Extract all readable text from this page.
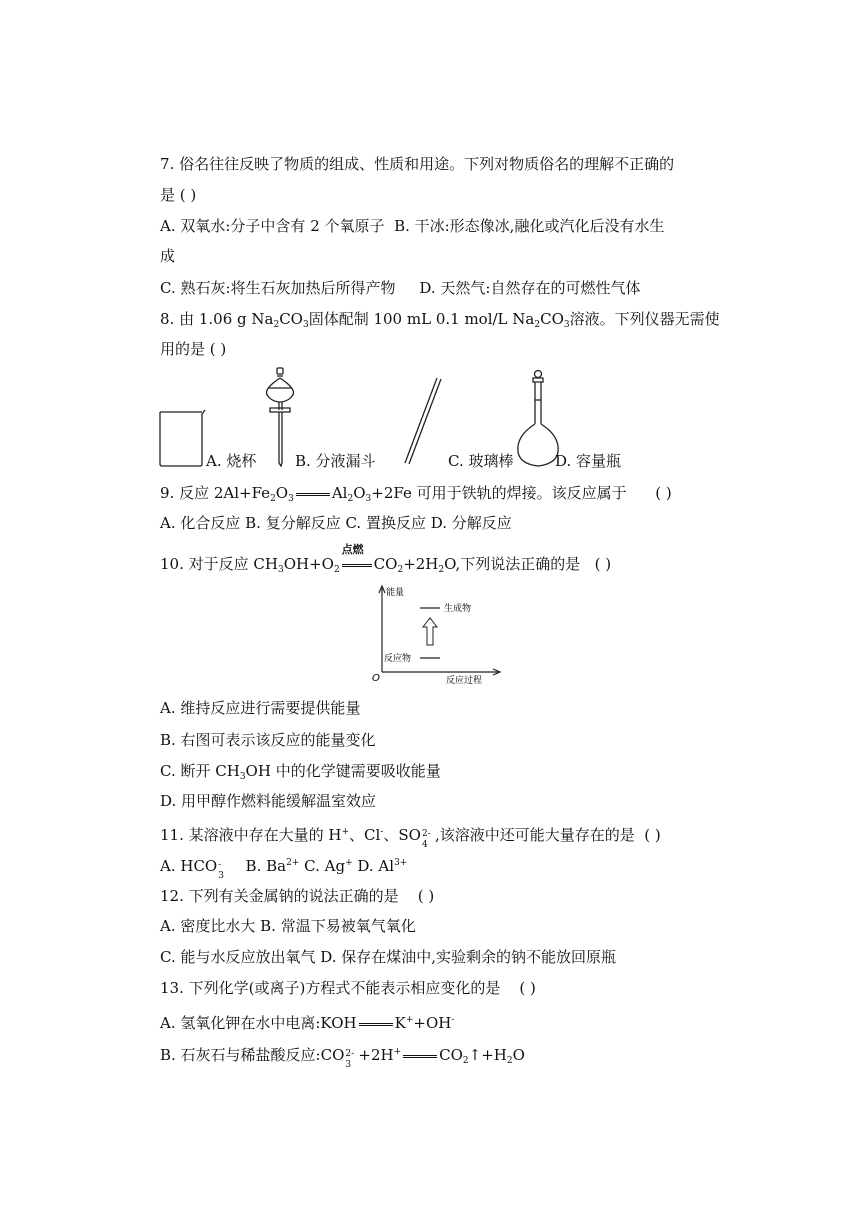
7. 俗名往往反映了物质的组成、性质和用途。下列对物质俗名的理解不正确的
是 ( )
A. 双氧水:分子中含有 2 个氧原子 B. 干冰:形态像冰,融化或汽化后没有水生
成
C. 熟石灰:将生石灰加热后所得产物 D. 天然气:自然存在的可燃性气体
8. 由 1.06 g $Na_2CO_3$固体配制 100 mL 0.1 mol/L $Na_2CO_3$溶液。下列仪器无需使
用的是 ( )
A. 烧杯	B. 分液漏斗	C. 玻璃棒	D. 容量瓶
9. 反应 $2Al+Fe_2O_3$	$Al_2O_3+2Fe$ 可用于铁轨的焊接。该反应属于 ( )
A. 化合反应 B. 复分解反应 C. 置换反应 D. 分解反应
10. 对于反应 $CH_3OH+O_2$
点燃
$CO_2+2H_2O$,下列说法正确的是 ( )
能量
反应过程
O
生成物
反应物
A. 维持反应进行需要提供能量
B. 右图可表示该反应的能量变化
C. 断开 $CH_3OH$ 中的化学键需要吸收能量
D. 用甲醇作燃料能缓解温室效应
11. 某溶液中存在大量的 H+、Cl-、SO 2-
4
,该溶液中还可能大量存在的是 ( )
A. HCO -
3
B. $Ba^{2+}$ C. Ag+ D. $Al^{3+}$
12. 下列有关金属钠的说法正确的是 ( )
A. 密度比水大 B. 常温下易被氧气氧化
C. 能与水反应放出氧气 D. 保存在煤油中,实验剩余的钠不能放回原瓶
13. 下列化学(或离子)方程式不能表示相应变化的是 ( )
A. 氢氧化钾在水中电离:KOH	K++OH-
B. 石灰石与稀盐酸反应:CO 2-
3
+2H+	$CO_2↑+H_2O$
